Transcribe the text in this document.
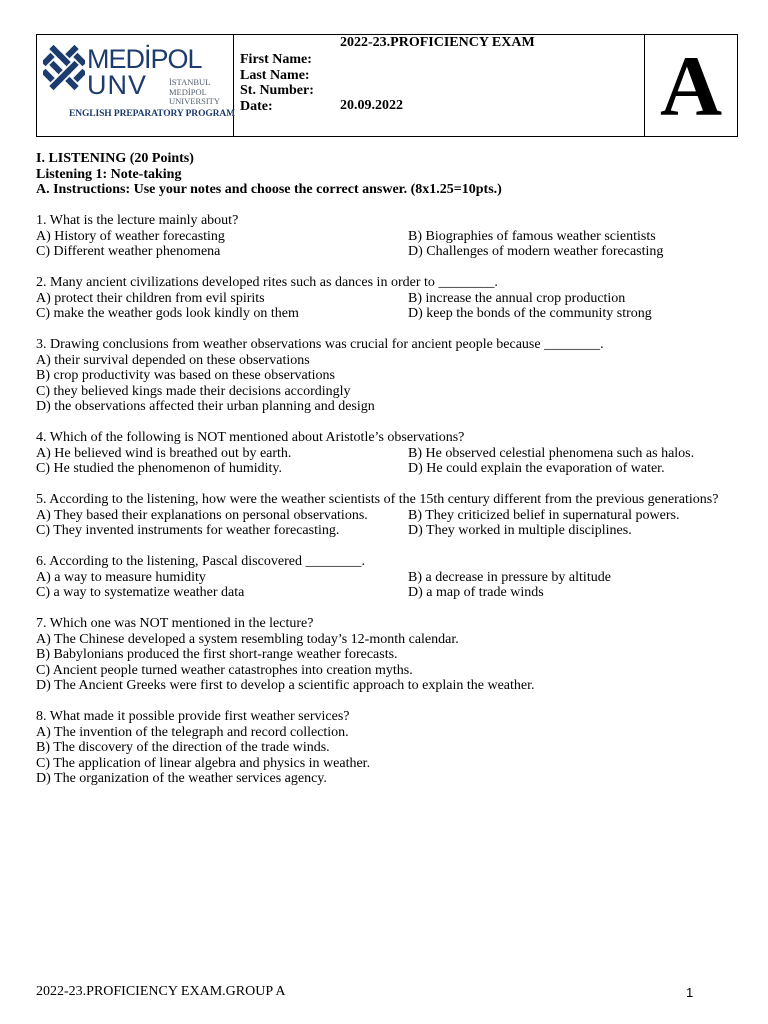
MEDİPOL
UNV	İSTANBUL
MEDİPOL
UNIVERSITY
ENGLISH PREPARATORY PROGRAM

2022-23.PROFICIENCY EXAM
First Name:
Last Name:
St. Number:
Date:	20.09.2022	A
I. LISTENING (20 Points)
Listening 1: Note-taking
A. Instructions: Use your notes and choose the correct answer. (8x1.25=10pts.)
1. What is the lecture mainly about?
A) History of weather forecasting	B) Biographies of famous weather scientists
C) Different weather phenomena	D) Challenges of modern weather forecasting
2. Many ancient civilizations developed rites such as dances in order to ________.
A) protect their children from evil spirits	B) increase the annual crop production
C) make the weather gods look kindly on them	D) keep the bonds of the community strong
3. Drawing conclusions from weather observations was crucial for ancient people because ________.
A) their survival depended on these observations
B) crop productivity was based on these observations
C) they believed kings made their decisions accordingly
D) the observations affected their urban planning and design
4. Which of the following is NOT mentioned about Aristotle’s observations?
A) He believed wind is breathed out by earth.	B) He observed celestial phenomena such as halos.
C) He studied the phenomenon of humidity.	D) He could explain the evaporation of water.
5. According to the listening, how were the weather scientists of the 15th century different from the previous generations?
A) They based their explanations on personal observations.	B) They criticized belief in supernatural powers.
C) They invented instruments for weather forecasting.	D) They worked in multiple disciplines.
6. According to the listening, Pascal discovered ________.
A) a way to measure humidity	B) a decrease in pressure by altitude
C) a way to systematize weather data	D) a map of trade winds
7. Which one was NOT mentioned in the lecture?
A) The Chinese developed a system resembling today’s 12-month calendar.
B) Babylonians produced the first short-range weather forecasts.
C) Ancient people turned weather catastrophes into creation myths.
D) The Ancient Greeks were first to develop a scientific approach to explain the weather.
8. What made it possible provide first weather services?
A) The invention of the telegraph and record collection.
B) The discovery of the direction of the trade winds.
C) The application of linear algebra and physics in weather.
D) The organization of the weather services agency.
2022-23.PROFICIENCY EXAM.GROUP A	1
